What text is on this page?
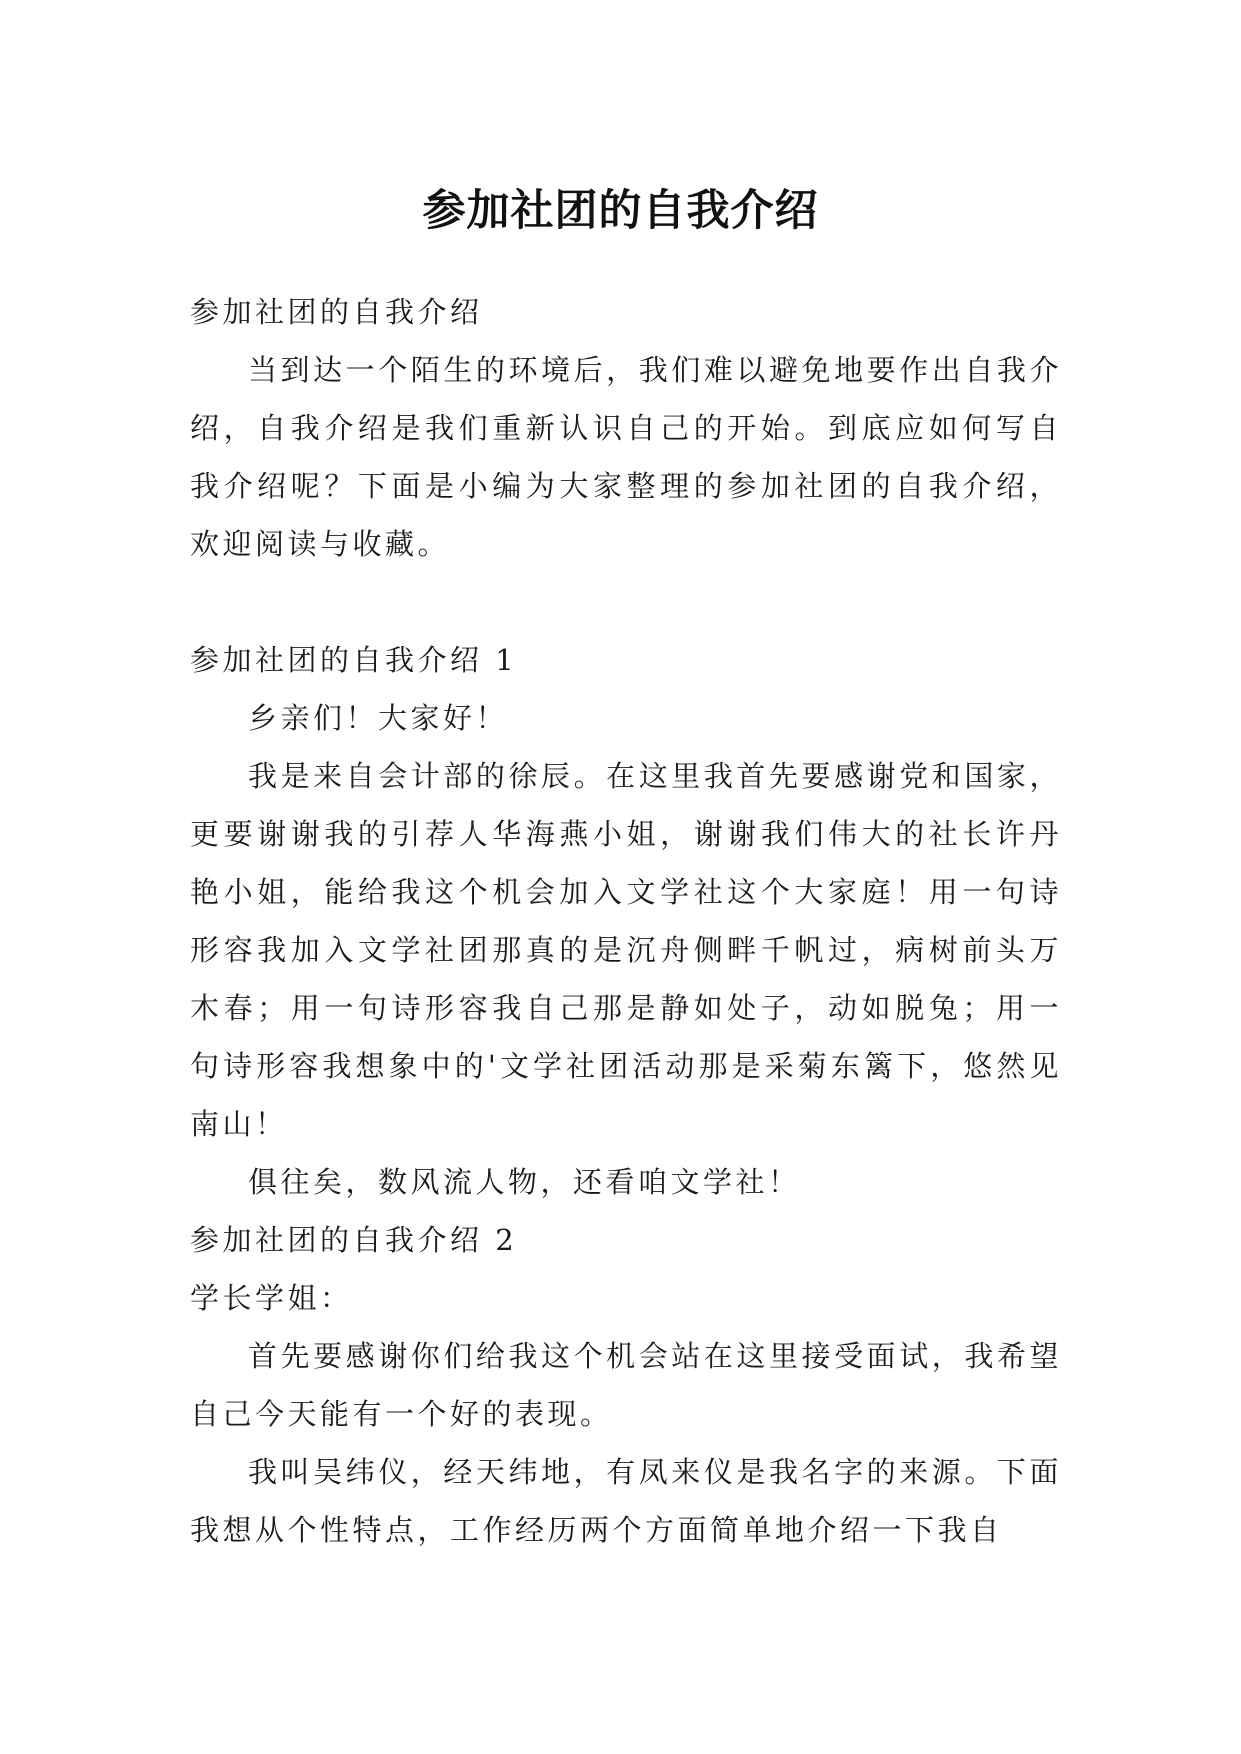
参加社团的自我介绍

参加社团的自我介绍

当到达一个陌生的环境后，我们难以避免地要作出自我介绍，自我介绍是我们重新认识自己的开始。到底应如何写自我介绍呢？下面是小编为大家整理的参加社团的自我介绍，欢迎阅读与收藏。

参加社团的自我介绍 1

乡亲们！大家好！

我是来自会计部的徐辰。在这里我首先要感谢党和国家，更要谢谢我的引荐人华海燕小姐，谢谢我们伟大的社长许丹艳小姐，能给我这个机会加入文学社这个大家庭！用一句诗形容我加入文学社团那真的是沉舟侧畔千帆过，病树前头万木春；用一句诗形容我自己那是静如处子，动如脱兔；用一句诗形容我想象中的'文学社团活动那是采菊东篱下，悠然见南山！

俱往矣，数风流人物，还看咱文学社！

参加社团的自我介绍 2

学长学姐：

首先要感谢你们给我这个机会站在这里接受面试，我希望自己今天能有一个好的表现。

我叫吴纬仪，经天纬地，有凤来仪是我名字的来源。下面我想从个性特点，工作经历两个方面简单地介绍一下我自
